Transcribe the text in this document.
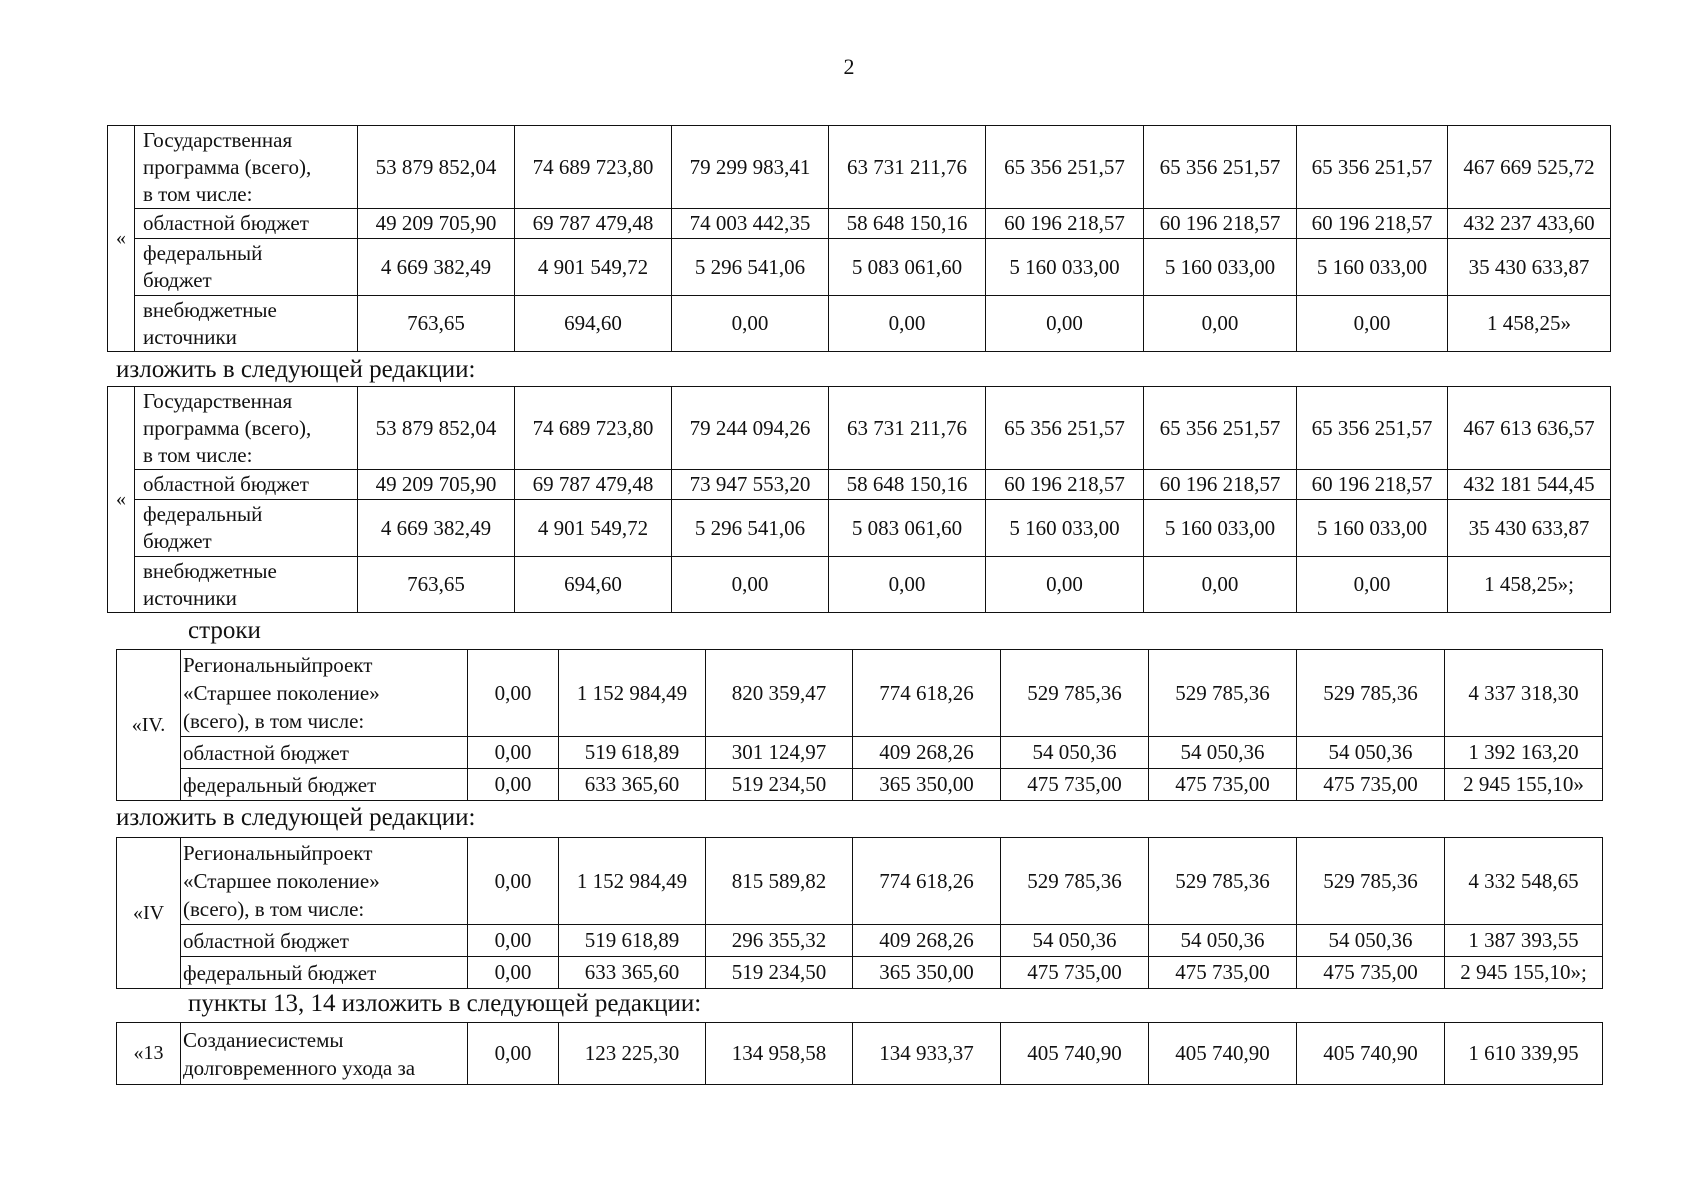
2
«	Государственная
программа (всего),
в том числе:	53 879 852,04	74 689 723,80	79 299 983,41	63 731 211,76	65 356 251,57	65 356 251,57	65 356 251,57	467 669 525,72

	областной бюджет	49 209 705,90	69 787 479,48	74 003 442,35	58 648 150,16	60 196 218,57	60 196 218,57	60 196 218,57	432 237 433,60

	федеральный
бюджет	4 669 382,49	4 901 549,72	5 296 541,06	5 083 061,60	5 160 033,00	5 160 033,00	5 160 033,00	35 430 633,87

	внебюджетные
источники	763,65	694,60	0,00	0,00	0,00	0,00	0,00	1 458,25»
изложить в следующей редакции:
«	Государственная
программа (всего),
в том числе:	53 879 852,04	74 689 723,80	79 244 094,26	63 731 211,76	65 356 251,57	65 356 251,57	65 356 251,57	467 613 636,57

	областной бюджет	49 209 705,90	69 787 479,48	73 947 553,20	58 648 150,16	60 196 218,57	60 196 218,57	60 196 218,57	432 181 544,45

	федеральный
бюджет	4 669 382,49	4 901 549,72	5 296 541,06	5 083 061,60	5 160 033,00	5 160 033,00	5 160 033,00	35 430 633,87

	внебюджетные
источники	763,65	694,60	0,00	0,00	0,00	0,00	0,00	1 458,25»;
строки
«IV.	Региональныйпроект
«Старшее поколение»
(всего), в том числе:	0,00	1 152 984,49	820 359,47	774 618,26	529 785,36	529 785,36	529 785,36	4 337 318,30

	областной бюджет	0,00	519 618,89	301 124,97	409 268,26	54 050,36	54 050,36	54 050,36	1 392 163,20

	федеральный бюджет	0,00	633 365,60	519 234,50	365 350,00	475 735,00	475 735,00	475 735,00	2 945 155,10»
изложить в следующей редакции:
«IV	Региональныйпроект
«Старшее поколение»
(всего), в том числе:	0,00	1 152 984,49	815 589,82	774 618,26	529 785,36	529 785,36	529 785,36	4 332 548,65

	областной бюджет	0,00	519 618,89	296 355,32	409 268,26	54 050,36	54 050,36	54 050,36	1 387 393,55

	федеральный бюджет	0,00	633 365,60	519 234,50	365 350,00	475 735,00	475 735,00	475 735,00	2 945 155,10»;
пункты 13, 14 изложить в следующей редакции:
«13	
Созданиесистемы
долговременного ухода за
	0,00	123 225,30	134 958,58	134 933,37	405 740,90	405 740,90	405 740,90	1 610 339,95
